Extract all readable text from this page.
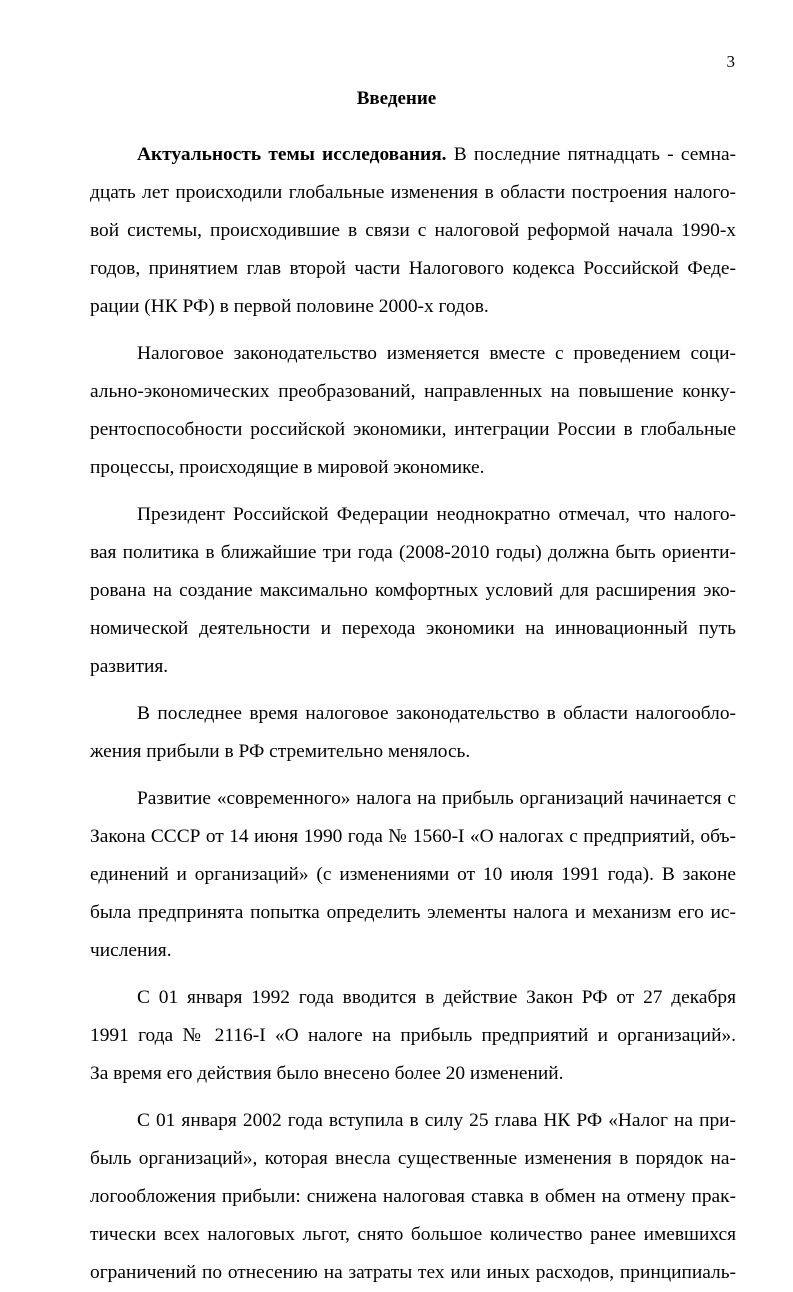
3
Введение
Актуальность темы исследования. В последние пятнадцать - семна-
дцать лет происходили глобальные изменения в области построения налого-
вой системы, происходившие в связи с налоговой реформой начала 1990-х
годов, принятием глав второй части Налогового кодекса Российской Феде-
рации (НК РФ) в первой половине 2000-х годов.
Налоговое законодательство изменяется вместе с проведением соци-
ально-экономических преобразований, направленных на повышение конку-
рентоспособности российской экономики, интеграции России в глобальные
процессы, происходящие в мировой экономике.
Президент Российской Федерации неоднократно отмечал, что налого-
вая политика в ближайшие три года (2008-2010 годы) должна быть ориенти-
рована на создание максимально комфортных условий для расширения эко-
номической деятельности и перехода экономики на инновационный путь
развития.
В последнее время налоговое законодательство в области налогообло-
жения прибыли в РФ стремительно менялось.
Развитие «современного» налога на прибыль организаций начинается с
Закона СССР от 14 июня 1990 года № 1560-I «О налогах с предприятий, объ-
единений и организаций» (с изменениями от 10 июля 1991 года). В законе
была предпринята попытка определить элементы налога и механизм его ис-
числения.
С 01 января 1992 года вводится в действие Закон РФ от 27 декабря
1991 года № 2116-I «О налоге на прибыль предприятий и организаций».
За время его действия было внесено более 20 изменений.
С 01 января 2002 года вступила в силу 25 глава НК РФ «Налог на при-
быль организаций», которая внесла существенные изменения в порядок на-
логообложения прибыли: снижена налоговая ставка в обмен на отмену прак-
тически всех налоговых льгот, снято большое количество ранее имевшихся
ограничений по отнесению на затраты тех или иных расходов, принципиаль-
